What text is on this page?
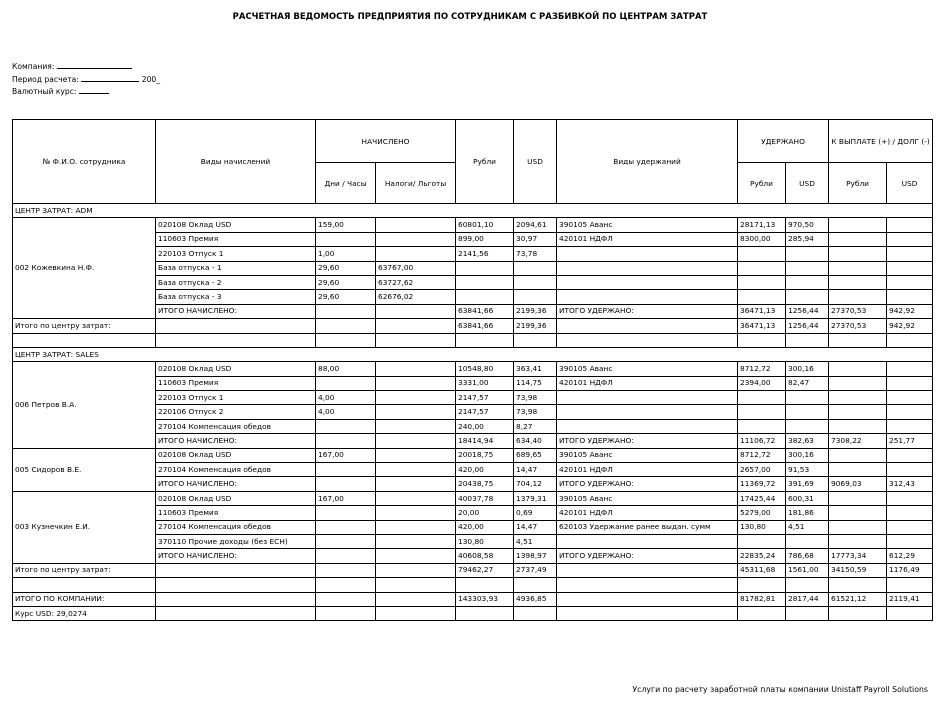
РАСЧЕТНАЯ ВЕДОМОСТЬ ПРЕДПРИЯТИЯ ПО СОТРУДНИКАМ С РАЗБИВКОЙ ПО ЦЕНТРАМ ЗАТРАТ
Компания:
Период расчета:	200_
Валютный курс:
№ Ф.И.О. сотрудника	Виды начислений	НАЧИСЛЕНО		Рубли	USD	Виды удержаний	УДЕРЖАНО		К ВЫПЛАТЕ (+) / ДОЛГ (-)	
		Дни / Часы	Налоги/ Льготы				Рубли	USD	Рубли	USD
ЦЕНТР ЗАТРАТ: ADM										
002 Кожевкина Н.Ф.	020108 Оклад USD	159,00		60801,10	2094,61	390105 Аванс	28171,13	970,50		
	110603 Премия			899,00	30,97	420101 НДФЛ	8300,00	285,94		
	220103 Отпуск 1	1,00		2141,56	73,78					
	База отпуска - 1	29,60	63767,00							
	База отпуска - 2	29,60	63727,62							
	База отпуска - 3	29,60	62676,02							
	ИТОГО НАЧИСЛЕНО:			63841,66	2199,36	ИТОГО УДЕРЖАНО:	36471,13	1256,44	27370,53	942,92
Итого по центру затрат:				63841,66	2199,36		36471,13	1256,44	27370,53	942,92

ЦЕНТР ЗАТРАТ: SALES										
006 Петров В.А.	020108 Оклад USD	88,00		10548,80	363,41	390105 Аванс	8712,72	300,16		
	110603 Премия			3331,00	114,75	420101 НДФЛ	2394,00	82,47		
	220103 Отпуск 1	4,00		2147,57	73,98					
	220106 Отпуск 2	4,00		2147,57	73,98					
	270104 Компенсация обедов			240,00	8,27					
	ИТОГО НАЧИСЛЕНО:			18414,94	634,40	ИТОГО УДЕРЖАНО:	11106,72	382,63	7308,22	251,77
005 Сидоров В.Е.	020108 Оклад USD	167,00		20018,75	689,65	390105 Аванс	8712,72	300,16		
	270104 Компенсация обедов			420,00	14,47	420101 НДФЛ	2657,00	91,53		
	ИТОГО НАЧИСЛЕНО:			20438,75	704,12	ИТОГО УДЕРЖАНО:	11369,72	391,69	9069,03	312,43
003 Кузнечкин Е.И.	020108 Оклад USD	167,00		40037,78	1379,31	390105 Аванс	17425,44	600,31		
	110603 Премия			20,00	0,69	420101 НДФЛ	5279,00	181,86		
	270104 Компенсация обедов			420,00	14,47	620103 Удержание ранее выдан. сумм	130,80	4,51		
	370110 Прочие доходы (без ЕСН)			130,80	4,51					
	ИТОГО НАЧИСЛЕНО:			40608,58	1398,97	ИТОГО УДЕРЖАНО:	22835,24	786,68	17773,34	612,29
Итого по центру затрат:				79462,27	2737,49		45311,68	1561,00	34150,59	1176,49

ИТОГО ПО КОМПАНИИ:				143303,93	4936,85		81782,81	2817,44	61521,12	2119,41
Курс USD: 29,0274										
Услуги по расчету заработной платы компании Unistaff Payroll Solutions
